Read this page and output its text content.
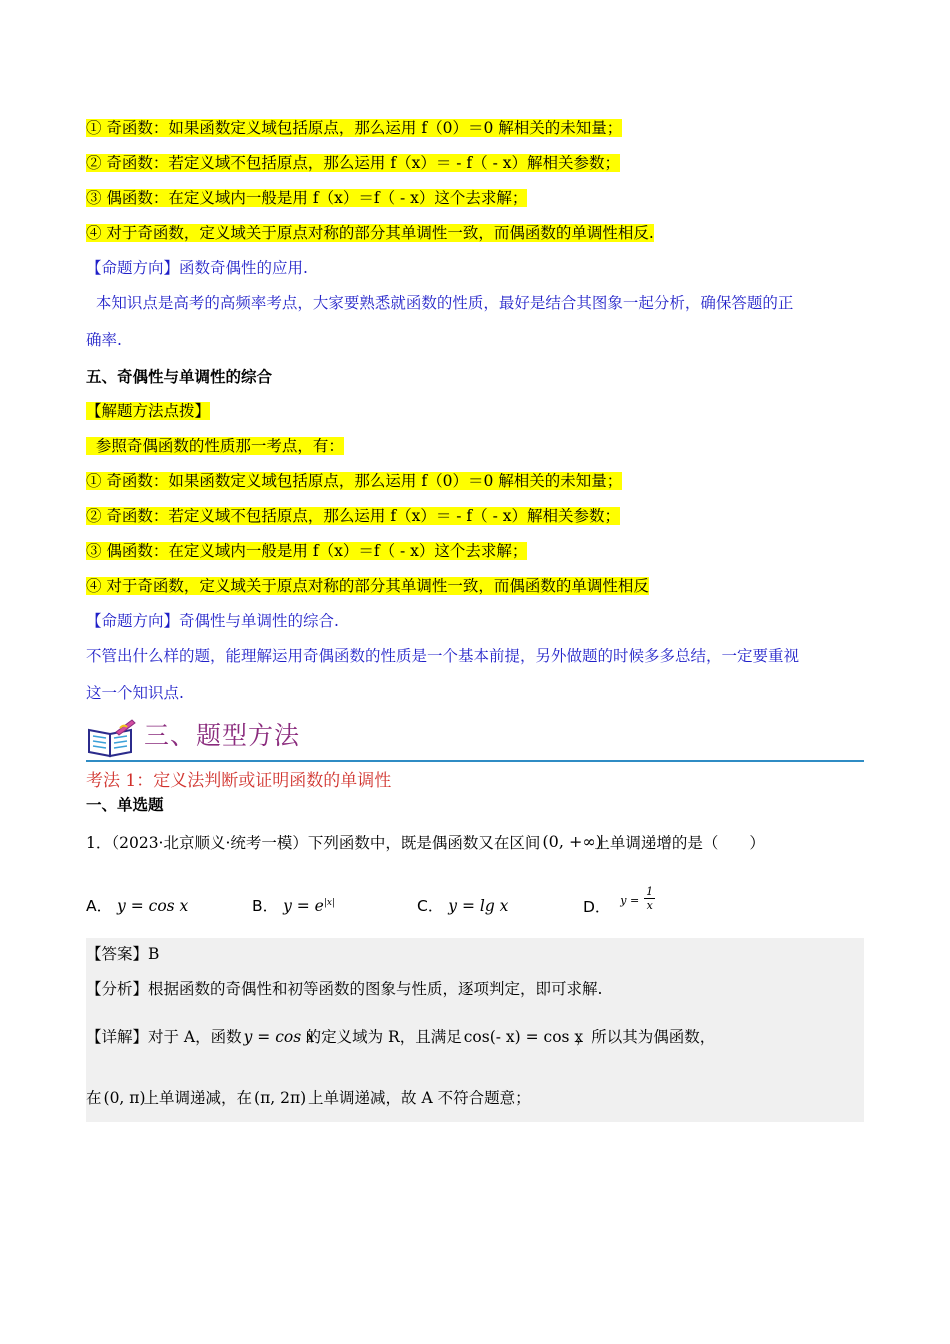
① 奇函数：如果函数定义域包括原点，那么运用 f（0）＝0 解相关的未知量；
② 奇函数：若定义域不包括原点，那么运用 f（x）＝ - f（ - x）解相关参数；
③ 偶函数：在定义域内一般是用 f（x）＝f（ - x）这个去求解；
④ 对于奇函数，定义域关于原点对称的部分其单调性一致，而偶函数的单调性相反.
【命题方向】函数奇偶性的应用.
本知识点是高考的高频率考点，大家要熟悉就函数的性质，最好是结合其图象一起分析，确保答题的正
确率.
五、奇偶性与单调性的综合
【解题方法点拨】
参照奇偶函数的性质那一考点，有：
① 奇函数：如果函数定义域包括原点，那么运用 f（0）＝0 解相关的未知量；
② 奇函数：若定义域不包括原点，那么运用 f（x）＝ - f（ - x）解相关参数；
③ 偶函数：在定义域内一般是用 f（x）＝f（ - x）这个去求解；
④ 对于奇函数，定义域关于原点对称的部分其单调性一致，而偶函数的单调性相反
【命题方向】奇偶性与单调性的综合.
不管出什么样的题，能理解运用奇偶函数的性质是一个基本前提，另外做题的时候多多总结，一定要重视
这一个知识点.
三、题型方法
考法 1：定义法判断或证明函数的单调性
一、单选题
1．（2023·北京顺义·统考一模）下列函数中，既是偶函数又在区间 (0, +∞)
上单调递增的是（　　）
A． y = cos x	B． $y = e^{|x|}$	C． y = lg x	D． $^{y =} \frac{1}{x}$
【答案】B
【分析】根据函数的奇偶性和初等函数的图象与性质，逐项判定，即可求解.
【详解】对于 A，函数 y = cos x
的定义域为 R，且满足 cos(- x) = cos x
，所以其为偶函数，
在 (0, π)
上单调递减，在 (π, 2π) 上单调递减，故 A 不符合题意；
